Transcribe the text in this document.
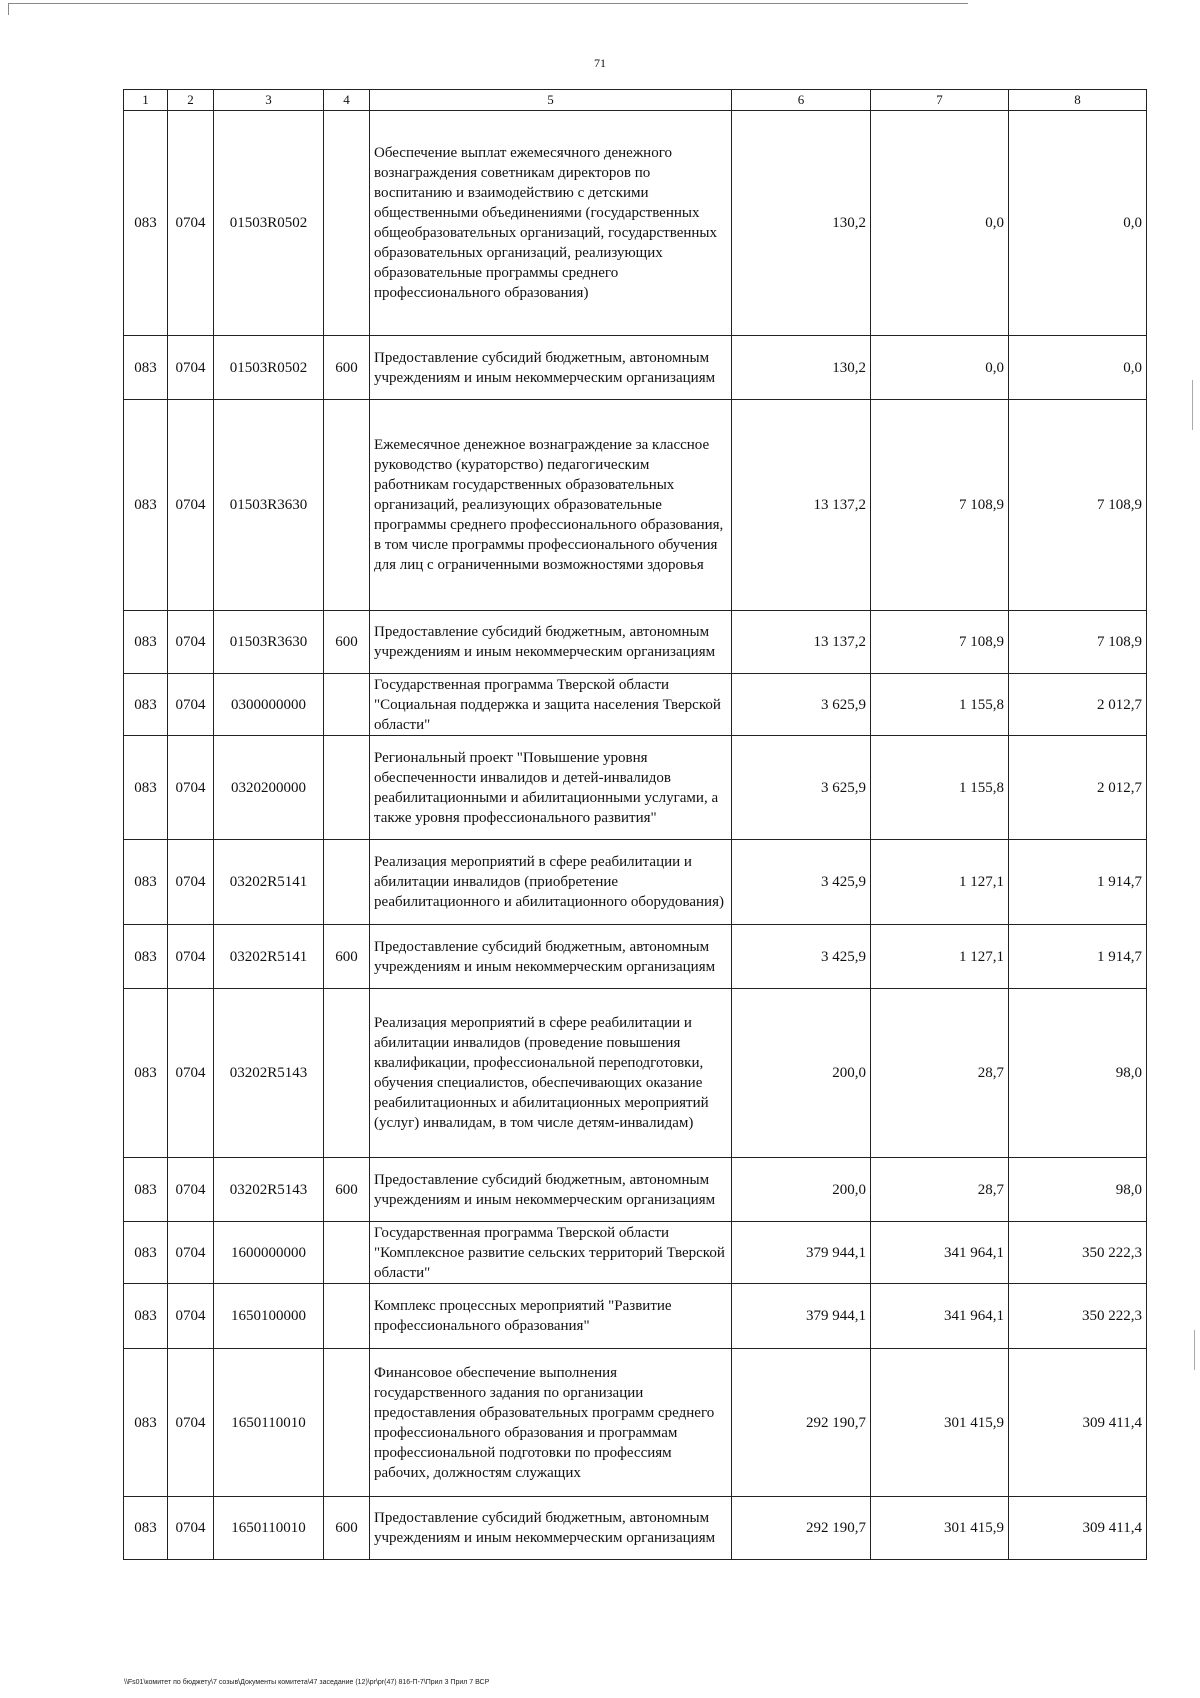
71
1	2	3	4	5	6	7	8
083	0704	01503R0502		Обеспечение выплат ежемесячного денежного вознаграждения советникам директоров по воспитанию и взаимодействию с детскими общественными объединениями (государственных общеобразовательных организаций, государственных образовательных организаций, реализующих образовательные программы среднего профессионального образования)	130,2	0,0	0,0
083	0704	01503R0502	600	Предоставление субсидий бюджетным, автономным учреждениям и иным некоммерческим организациям	130,2	0,0	0,0
083	0704	01503R3630		Ежемесячное денежное вознаграждение за классное руководство (кураторство) педагогическим работникам государственных образовательных организаций, реализующих образовательные программы среднего профессионального образования, в том числе программы профессионального обучения для лиц с ограниченными возможностями здоровья	13 137,2	7 108,9	7 108,9
083	0704	01503R3630	600	Предоставление субсидий бюджетным, автономным учреждениям и иным некоммерческим организациям	13 137,2	7 108,9	7 108,9
083	0704	0300000000		Государственная программа Тверской области "Социальная поддержка и защита населения Тверской области"	3 625,9	1 155,8	2 012,7
083	0704	0320200000		Региональный проект "Повышение уровня обеспеченности инвалидов и детей-инвалидов реабилитационными и абилитационными услугами, а также уровня профессионального развития"	3 625,9	1 155,8	2 012,7
083	0704	03202R5141		Реализация мероприятий в сфере реабилитации и абилитации инвалидов (приобретение реабилитационного и абилитационного оборудования)	3 425,9	1 127,1	1 914,7
083	0704	03202R5141	600	Предоставление субсидий бюджетным, автономным учреждениям и иным некоммерческим организациям	3 425,9	1 127,1	1 914,7
083	0704	03202R5143		Реализация мероприятий в сфере реабилитации и абилитации инвалидов (проведение повышения квалификации, профессиональной переподготовки, обучения специалистов, обеспечивающих оказание реабилитационных и абилитационных мероприятий (услуг) инвалидам, в том числе детям-инвалидам)	200,0	28,7	98,0
083	0704	03202R5143	600	Предоставление субсидий бюджетным, автономным учреждениям и иным некоммерческим организациям	200,0	28,7	98,0
083	0704	1600000000		Государственная программа Тверской области "Комплексное развитие сельских территорий Тверской области"	379 944,1	341 964,1	350 222,3
083	0704	1650100000		Комплекс процессных мероприятий "Развитие профессионального образования"	379 944,1	341 964,1	350 222,3
083	0704	1650110010		Финансовое обеспечение выполнения государственного задания по организации предоставления образовательных программ среднего профессионального образования и программам профессиональной подготовки по профессиям рабочих, должностям служащих	292 190,7	301 415,9	309 411,4
083	0704	1650110010	600	Предоставление субсидий бюджетным, автономным учреждениям и иным некоммерческим организациям	292 190,7	301 415,9	309 411,4
\\Fs01\комитет по бюджету\7 созыв\Документы комитета\47 заседание (12)\pr\pr(47) 816-П-7\Прил 3 Прил 7 ВСР
